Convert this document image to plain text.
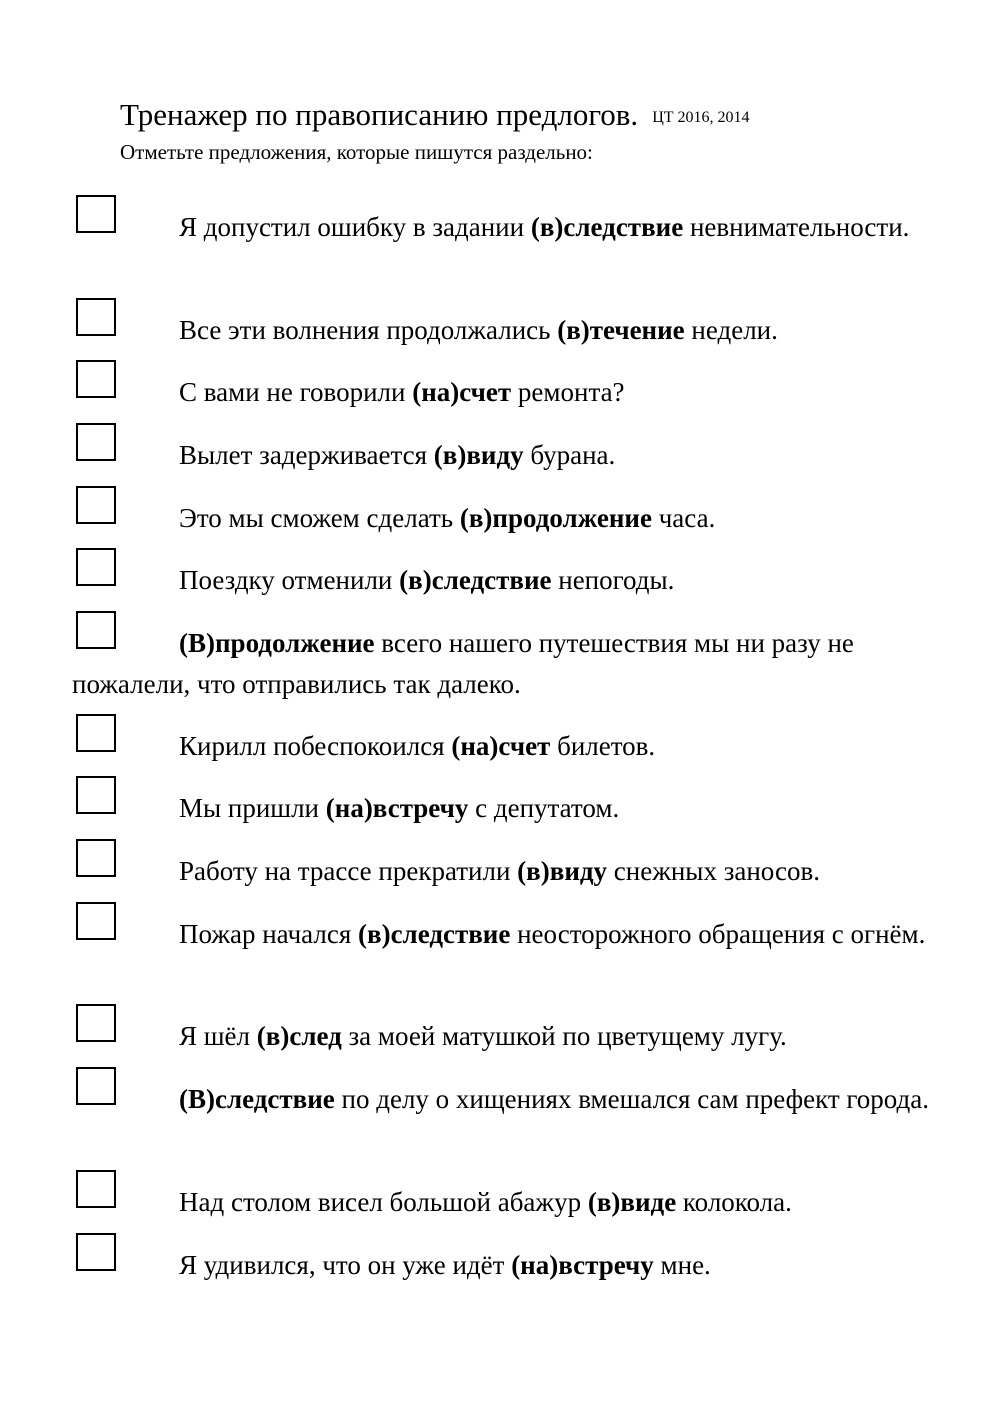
Тренажер по правописанию предлогов. ЦТ 2016, 2014
Отметьте предложения, которые пишутся раздельно:
Я допустил ошибку в задании (в)следствие невнимательности.
Все эти волнения продолжались (в)течение недели.
С вами не говорили (на)счет ремонта?
Вылет задерживается (в)виду бурана.
Это мы сможем сделать (в)продолжение часа.
Поездку отменили (в)следствие непогоды.
(В)продолжение всего нашего путешествия мы ни разу не пожалели, что отправились так далеко.
Кирилл побеспокоился (на)счет билетов.
Мы пришли (на)встречу с депутатом.
Работу на трассе прекратили (в)виду снежных заносов.
Пожар начался (в)следствие неосторожного обращения с огнём.
Я шёл (в)след за моей матушкой по цветущему лугу.
(В)следствие по делу о хищениях вмешался сам префект города.
Над столом висел большой абажур (в)виде колокола.
Я удивился, что он уже идёт (на)встречу мне.
